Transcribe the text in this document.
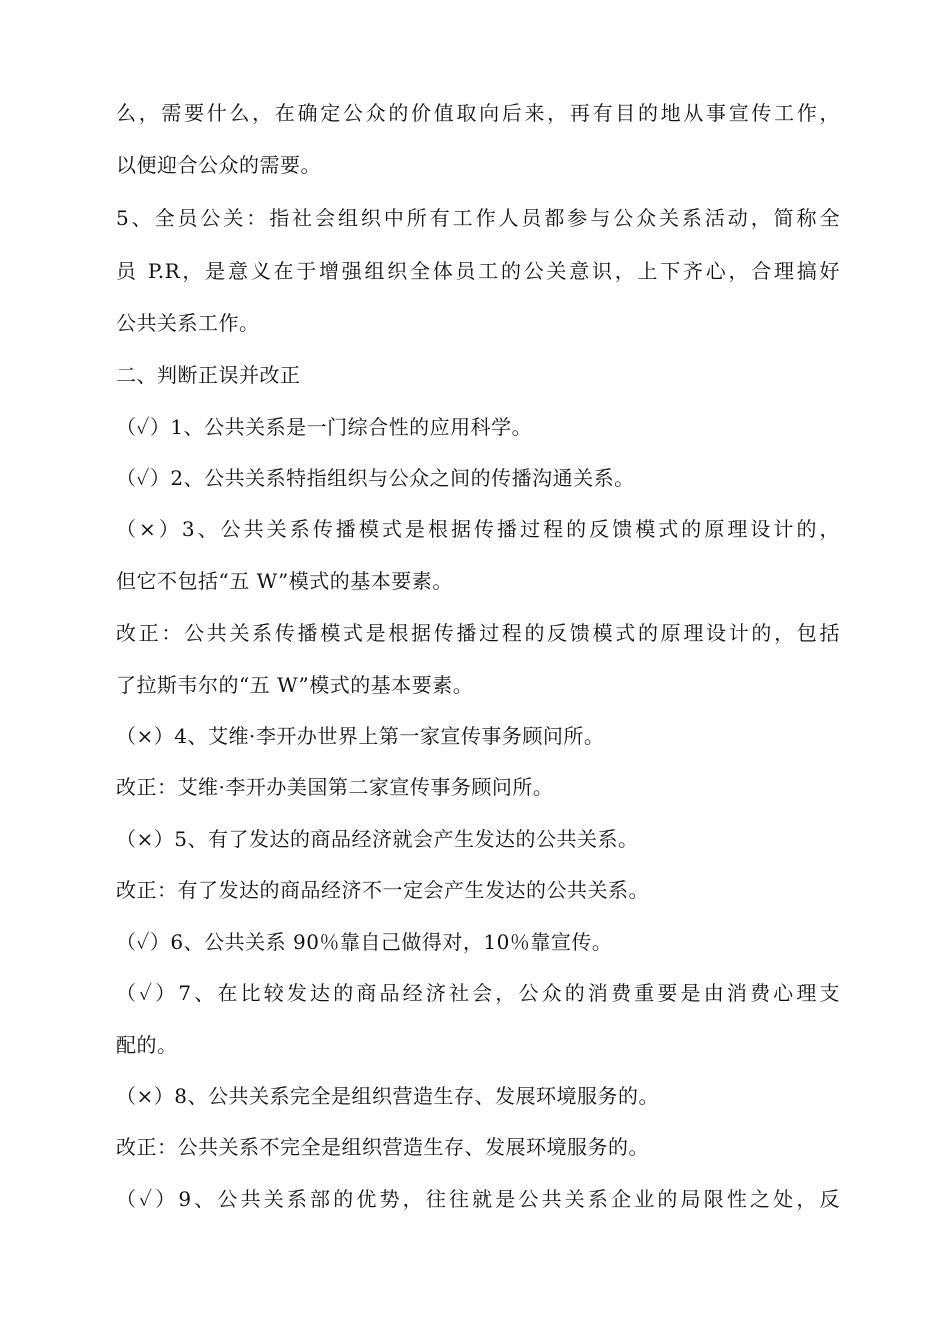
么，需要什么，在确定公众的价值取向后来，再有目的地从事宣传工作，
以便迎合公众的需要。
5、全员公关：指社会组织中所有工作人员都参与公众关系活动，简称全
员 P.R，是意义在于增强组织全体员工的公关意识，上下齐心，合理搞好
公共关系工作。
二、判断正误并改正
（✓）1、公共关系是一门综合性的应用科学。
（✓）2、公共关系特指组织与公众之间的传播沟通关系。
（×）3、公共关系传播模式是根据传播过程的反馈模式的原理设计的，
但它不包括“五 W”模式的基本要素。
改正：公共关系传播模式是根据传播过程的反馈模式的原理设计的，包括
了拉斯韦尔的“五 W”模式的基本要素。
（×）4、艾维·李开办世界上第一家宣传事务顾问所。
改正：艾维·李开办美国第二家宣传事务顾问所。
（×）5、有了发达的商品经济就会产生发达的公共关系。
改正：有了发达的商品经济不一定会产生发达的公共关系。
（✓）6、公共关系 90％靠自己做得对，10％靠宣传。
（✓）7、在比较发达的商品经济社会，公众的消费重要是由消费心理支
配的。
（×）8、公共关系完全是组织营造生存、发展环境服务的。
改正：公共关系不完全是组织营造生存、发展环境服务的。
（✓）9、公共关系部的优势，往往就是公共关系企业的局限性之处，反
